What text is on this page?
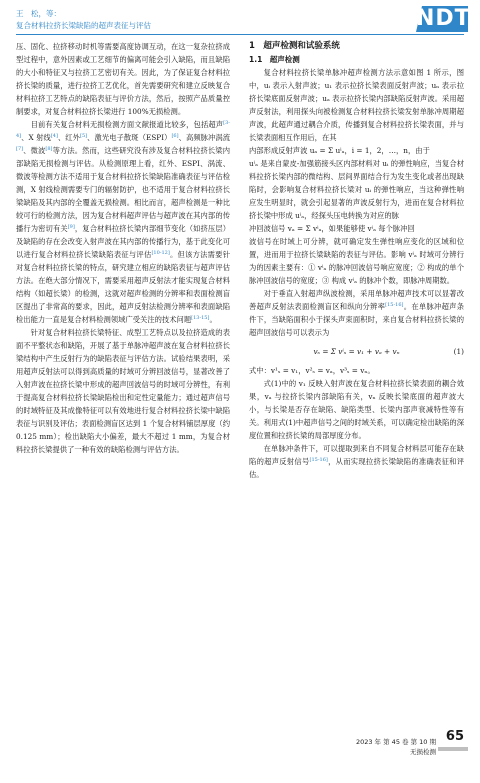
王　松，等：
复合材料拉挤长梁缺陷的超声表征与评估	NDT

压、固化、拉挤移动时机等需要高度协调互动，在这一复杂拉挤成型过程中，意外因素或工艺细节的偏离可能会引入缺陷，而且缺陷的大小和特征又与拉挤工艺密切有关。因此，为了保证复合材料拉挤长梁的质量，进行拉挤工艺优化，首先需要研究和建立反映复合材料拉挤工艺特点的缺陷表征与评价方法，然后，按照产品质量控制要求，对复合材料拉挤长梁进行 100%无损检测。

目前有关复合材料无损检测方面文献报道比较多，包括超声[3-4]、X 射线[4]、红外[5]、激光电子散斑（ESPI）[6]、高频脉冲涡流[7]、微波[8]等方法。然而，这些研究没有涉及复合材料拉挤长梁内部缺陷无损检测与评估。从检测原理上看，红外、ESPI、涡流、微波等检测方法不适用于复合材料拉挤长梁缺陷准确表征与评估检测，X 射线检测需要专门的辐射防护，也不适用于复合材料拉挤长梁缺陷及其内部的全覆盖无损检测。相比而言，超声检测是一种比较可行的检测方法，因为复合材料超声评估与超声波在其内部的传播行为密切有关[9]，复合材料拉挤长梁内部细节变化（如挤压层）及缺陷的存在会改变入射声波在其内部的传播行为，基于此变化可以进行复合材料拉挤长梁缺陷表征与评估[10-12]。但该方法需要针对复合材料拉挤长梁的特点，研究建立相应的缺陷表征与超声评估方法。在绝大部分情况下，需要采用超声反射法才能实现复合材料结构（如超长梁）的检测，这就对超声检测的分辨率和表面检测盲区提出了非常高的要求，因此，超声反射法检测分辨率和表面缺陷检出能力一直是复合材料检测领域广受关注的技术问题[13-15]。

针对复合材料拉挤长梁特征、成型工艺特点以及拉挤造成的表面不平整状态和缺陷，开展了基于单脉冲超声波在复合材料拉挤长梁结构中产生反射行为的缺陷表征与评估方法。试验结果表明，采用超声反射法可以得到高质量的时域可分辨回波信号，显著改善了入射声波在拉挤长梁中形成的超声回波信号的时域可分辨性，有利于提高复合材料拉挤长梁缺陷检出和定性定量能力；通过超声信号的时域特征及其成像特征可以有效地进行复合材料拉挤长梁中缺陷表征与识别及评估；表面检测盲区达到 1 个复合材料铺层厚度（约 0.125 mm）；检出缺陷大小偏差，最大不超过 1 mm，为复合材料拉挤长梁提供了一种有效的缺陷检测与评估方法。

1　超声检测和试验系统

1.1　超声检测

复合材料拉挤长梁单脉冲超声检测方法示意如图 1 所示，图中，uᵢ 表示入射声波；u₁ 表示拉挤长梁表面反射声波；uₙ 表示拉挤长梁底面反射声波；uₐ 表示拉挤长梁内部缺陷反射声波。采用超声反射法，利用探头向被检测复合材料拉挤长梁发射单脉冲周期超声波，此超声通过耦合介质，传播到复合材料拉挤长梁表面，并与长梁表面相互作用后，在其

内部形成反射声波 uₐ = Σ uⁱₐ，i = 1，2，…，n，由于

uⁱₐ 是来自蒙皮-加强筋接头区内部材料对 uᵢ 的弹性响应，当复合材料拉挤长梁内部的微结构、层间界面结合行为发生变化或者出现缺陷时，会影响复合材料拉挤长梁对 uᵢ 的弹性响应，当这种弹性响应发生明显时，就会引起显著的声波反射行为，进而在复合材料拉挤长梁中形成 uⁱₐ，经探头压电转换为对应的脉

冲回波信号 vₐ = Σ vⁱₐ，如果能够使 vⁱₐ 每个脉冲回

波信号在时域上可分辨，就可确定发生弹性响应变化的区域和位置，进而用于拉挤长梁缺陷的表征与评估。影响 vⁱₐ 时域可分辨行为的因素主要有：① vⁱₐ 的脉冲回波信号响应宽度；② 构成的单个脉冲回波信号的宽度；③ 构成 vⁱₐ 的脉冲个数，即脉冲周期数。

对于垂直入射超声纵波检测，采用单脉冲超声技术可以显著改善超声反射法表面检测盲区和纵向分辨率[15-16]。在单脉冲超声条件下，当缺陷面积小于探头声束面积时，来自复合材料拉挤长梁的超声回波信号可以表示为

vₛ = Σ vⁱₛ = v₁ + vₐ + vₙ	(1)

式中：v¹ₛ = v₁，v²ₛ = vₐ，v³ₛ = vₙ。

式(1)中的 v₁ 反映入射声波在复合材料拉挤长梁表面的耦合效果，vₐ 与拉挤长梁内部缺陷有关，vₙ 反映长梁底面的超声波大小，与长梁是否存在缺陷、缺陷类型、长梁内部声衰减特性等有关。利用式(1)中超声信号之间的时域关系，可以确定检出缺陷的深度位置和拉挤长梁的局部厚度分布。

在单脉冲条件下，可以提取到来自不同复合材料层可能存在缺陷的超声反射信号[15-16]，从而实现拉挤长梁缺陷的准确表征和评估。

2023 年 第 45 卷 第 10 期
无损检测
65
